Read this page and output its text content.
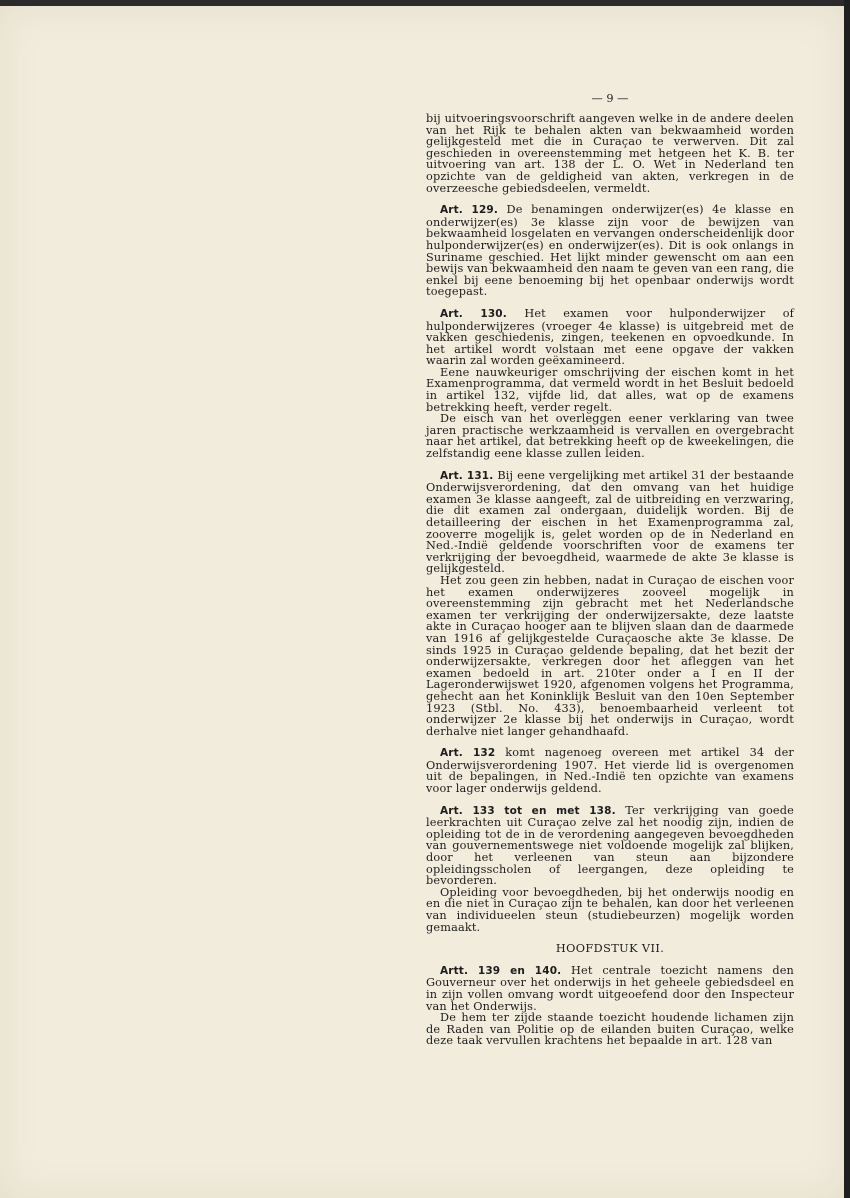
— 9 —

bij uitvoeringsvoorschrift aangeven welke in de andere deelen van het Rijk te behalen akten van bekwaamheid worden gelijkgesteld met die in Curaçao te verwerven. Dit zal geschieden in overeenstemming met hetgeen het K. B. ter uitvoering van art. 138 der L. O. Wet in Nederland ten opzichte van de geldigheid van akten, verkregen in de overzeesche gebiedsdeelen, vermeldt.

Art. 129. De benamingen onderwijzer(es) 4e klasse en onderwijzer(es) 3e klasse zijn voor de bewijzen van bekwaamheid losgelaten en vervangen onderscheidenlijk door hulponderwijzer(es) en onderwijzer(es). Dit is ook onlangs in Suriname geschied. Het lijkt minder gewenscht om aan een bewijs van bekwaamheid den naam te geven van een rang, die enkel bij eene benoeming bij het openbaar onderwijs wordt toegepast.

Art. 130. Het examen voor hulponderwijzer of hulponderwijzeres (vroeger 4e klasse) is uitgebreid met de vakken geschiedenis, zingen, teekenen en opvoedkunde. In het artikel wordt volstaan met eene opgave der vakken waarin zal worden geëxamineerd.

Eene nauwkeuriger omschrijving der eischen komt in het Examenprogramma, dat vermeld wordt in het Besluit bedoeld in artikel 132, vijfde lid, dat alles, wat op de examens betrekking heeft, verder regelt.

De eisch van het overleggen eener verklaring van twee jaren practische werkzaamheid is vervallen en overgebracht naar het artikel, dat betrekking heeft op de kweekelingen, die zelfstandig eene klasse zullen leiden.

Art. 131. Bij eene vergelijking met artikel 31 der bestaande Onderwijsverordening, dat den omvang van het huidige examen 3e klasse aangeeft, zal de uitbreiding en verzwaring, die dit examen zal ondergaan, duidelijk worden. Bij de detailleering der eischen in het Examenprogramma zal, zooverre mogelijk is, gelet worden op de in Nederland en Ned.-Indië geldende voorschriften voor de examens ter verkrijging der bevoegdheid, waarmede de akte 3e klasse is gelijkgesteld.

Het zou geen zin hebben, nadat in Curaçao de eischen voor het examen onderwijzeres zooveel mogelijk in overeenstemming zijn gebracht met het Nederlandsche examen ter verkrijging der onderwijzersakte, deze laatste akte in Curaçao hooger aan te blijven slaan dan de daarmede van 1916 af gelijkgestelde Curaçaosche akte 3e klasse. De sinds 1925 in Curaçao geldende bepaling, dat het bezit der onderwijzersakte, verkregen door het afleggen van het examen bedoeld in art. 210ter onder a I en II der Lageronderwijswet 1920, afgenomen volgens het Programma, gehecht aan het Koninklijk Besluit van den 10en September 1923 (Stbl. No. 433), benoembaarheid verleent tot onderwijzer 2e klasse bij het onderwijs in Curaçao, wordt derhalve niet langer gehandhaafd.

Art. 132 komt nagenoeg overeen met artikel 34 der Onderwijsverordening 1907. Het vierde lid is overgenomen uit de bepalingen, in Ned.-Indië ten opzichte van examens voor lager onderwijs geldend.

Art. 133 tot en met 138. Ter verkrijging van goede leerkrachten uit Curaçao zelve zal het noodig zijn, indien de opleiding tot de in de verordening aangegeven bevoegdheden van gouvernementswege niet voldoende mogelijk zal blijken, door het verleenen van steun aan bijzondere opleidingsscholen of leergangen, deze opleiding te bevorderen.

Opleiding voor bevoegdheden, bij het onderwijs noodig en en die niet in Curaçao zijn te behalen, kan door het verleenen van individueelen steun (studiebeurzen) mogelijk worden gemaakt.

HOOFDSTUK VII.

Artt. 139 en 140. Het centrale toezicht namens den Gouverneur over het onderwijs in het geheele gebiedsdeel en in zijn vollen omvang wordt uitgeoefend door den Inspecteur van het Onderwijs.

De hem ter zijde staande toezicht houdende lichamen zijn de Raden van Politie op de eilanden buiten Curaçao, welke deze taak vervullen krachtens het bepaalde in art. 128 van
